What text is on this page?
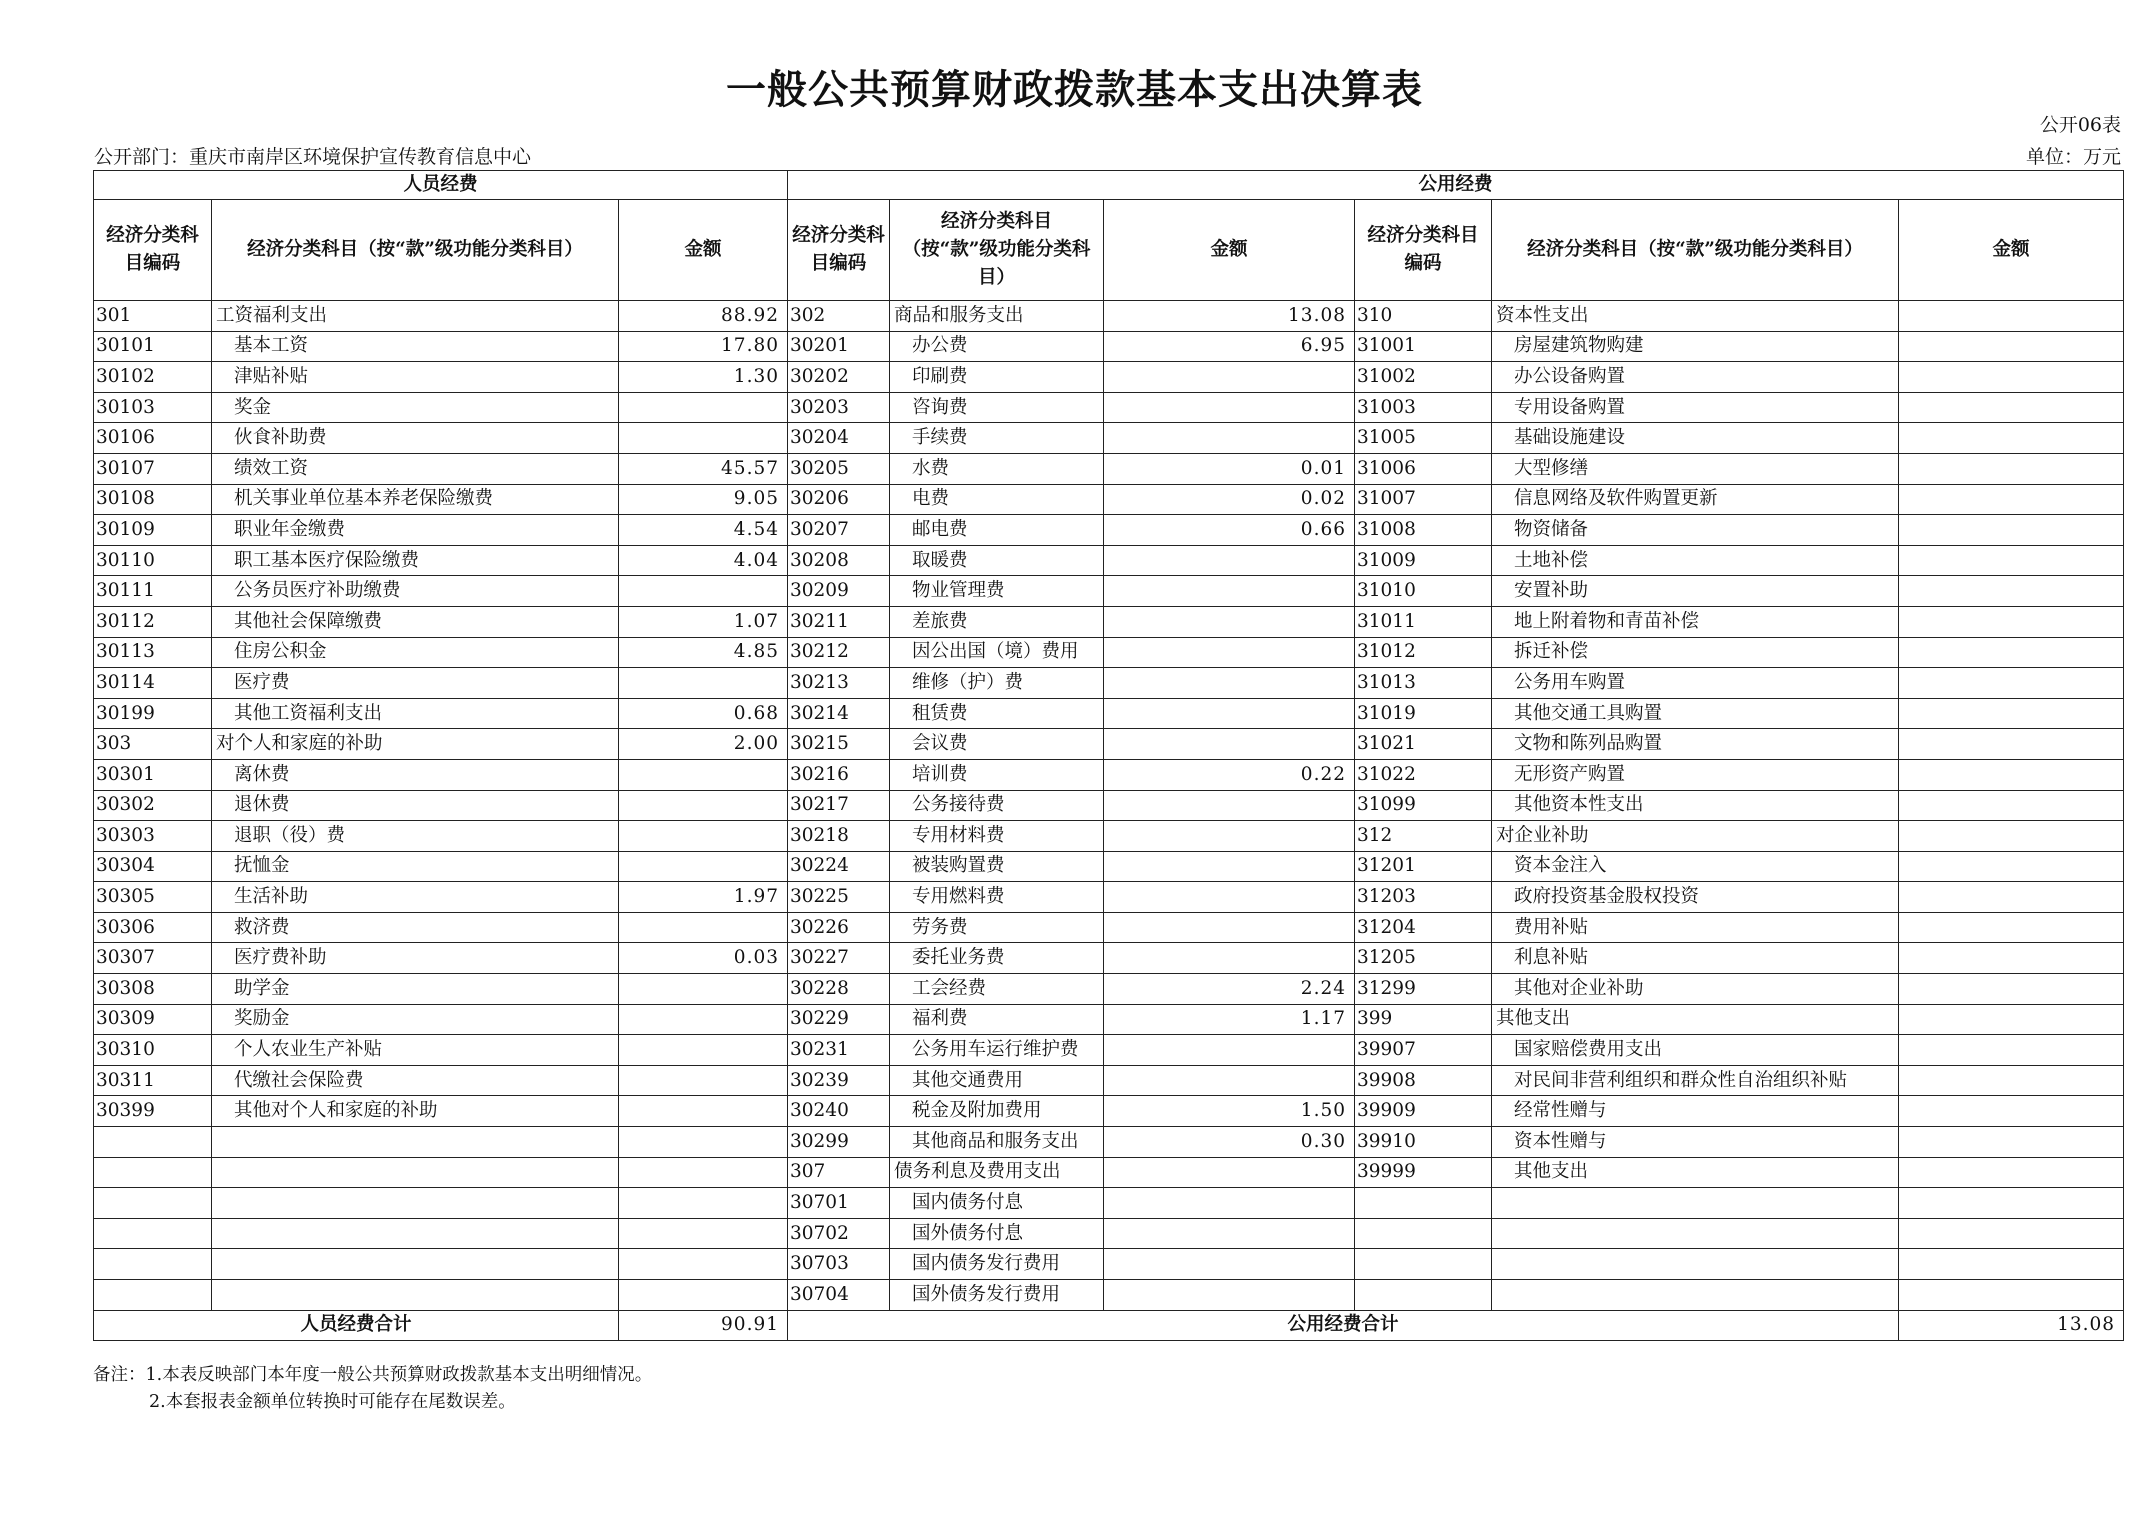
一般公共预算财政拨款基本支出决算表
公开06表
公开部门：重庆市南岸区环境保护宣传教育信息中心	单位：万元
人员经费			公用经费					
经济分类科目编码	经济分类科目（按“款”级功能分类科目）	金额	经济分类科目编码	经济分类科目（按“款”级功能分类科目）	金额	经济分类科目编码	经济分类科目（按“款”级功能分类科目）	金额
301	工资福利支出	88.92	302	商品和服务支出	13.08	310	资本性支出	
30101	基本工资	17.80	30201	办公费	6.95	31001	房屋建筑物购建	
30102	津贴补贴	1.30	30202	印刷费		31002	办公设备购置	
30103	奖金		30203	咨询费		31003	专用设备购置	
30106	伙食补助费		30204	手续费		31005	基础设施建设	
30107	绩效工资	45.57	30205	水费	0.01	31006	大型修缮	
30108	机关事业单位基本养老保险缴费	9.05	30206	电费	0.02	31007	信息网络及软件购置更新	
30109	职业年金缴费	4.54	30207	邮电费	0.66	31008	物资储备	
30110	职工基本医疗保险缴费	4.04	30208	取暖费		31009	土地补偿	
30111	公务员医疗补助缴费		30209	物业管理费		31010	安置补助	
30112	其他社会保障缴费	1.07	30211	差旅费		31011	地上附着物和青苗补偿	
30113	住房公积金	4.85	30212	因公出国（境）费用		31012	拆迁补偿	
30114	医疗费		30213	维修（护）费		31013	公务用车购置	
30199	其他工资福利支出	0.68	30214	租赁费		31019	其他交通工具购置	
303	对个人和家庭的补助	2.00	30215	会议费		31021	文物和陈列品购置	
30301	离休费		30216	培训费	0.22	31022	无形资产购置	
30302	退休费		30217	公务接待费		31099	其他资本性支出	
30303	退职（役）费		30218	专用材料费		312	对企业补助	
30304	抚恤金		30224	被装购置费		31201	资本金注入	
30305	生活补助	1.97	30225	专用燃料费		31203	政府投资基金股权投资	
30306	救济费		30226	劳务费		31204	费用补贴	
30307	医疗费补助	0.03	30227	委托业务费		31205	利息补贴	
30308	助学金		30228	工会经费	2.24	31299	其他对企业补助	
30309	奖励金		30229	福利费	1.17	399	其他支出	
30310	个人农业生产补贴		30231	公务用车运行维护费		39907	国家赔偿费用支出	
30311	代缴社会保险费		30239	其他交通费用		39908	对民间非营利组织和群众性自治组织补贴	
30399	其他对个人和家庭的补助		30240	税金及附加费用	1.50	39909	经常性赠与	
			30299	其他商品和服务支出	0.30	39910	资本性赠与	
			307	债务利息及费用支出		39999	其他支出	
			30701	国内债务付息				
			30702	国外债务付息				
			30703	国内债务发行费用				
			30704	国外债务发行费用				
人员经费合计		90.91	公用经费合计					13.08
备注：1.本表反映部门本年度一般公共预算财政拨款基本支出明细情况。
2.本套报表金额单位转换时可能存在尾数误差。
